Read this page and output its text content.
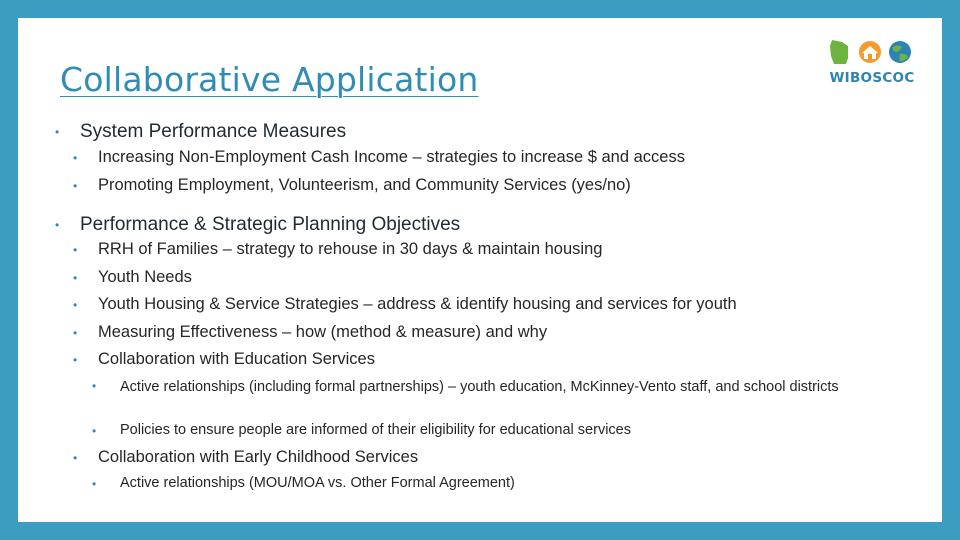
Collaborative Application	WIBOSCOC
• System Performance Measures
• Increasing Non-Employment Cash Income – strategies to increase $ and access
• Promoting Employment, Volunteerism, and Community Services (yes/no)
• Performance & Strategic Planning Objectives
• RRH of Families – strategy to rehouse in 30 days & maintain housing
• Youth Needs
• Youth Housing & Service Strategies – address & identify housing and services for youth
• Measuring Effectiveness – how (method & measure) and why
• Collaboration with Education Services
• Active relationships (including formal partnerships) – youth education, McKinney-Vento staff, and school districts
• Policies to ensure people are informed of their eligibility for educational services
• Collaboration with Early Childhood Services
• Active relationships (MOU/MOA vs. Other Formal Agreement)
